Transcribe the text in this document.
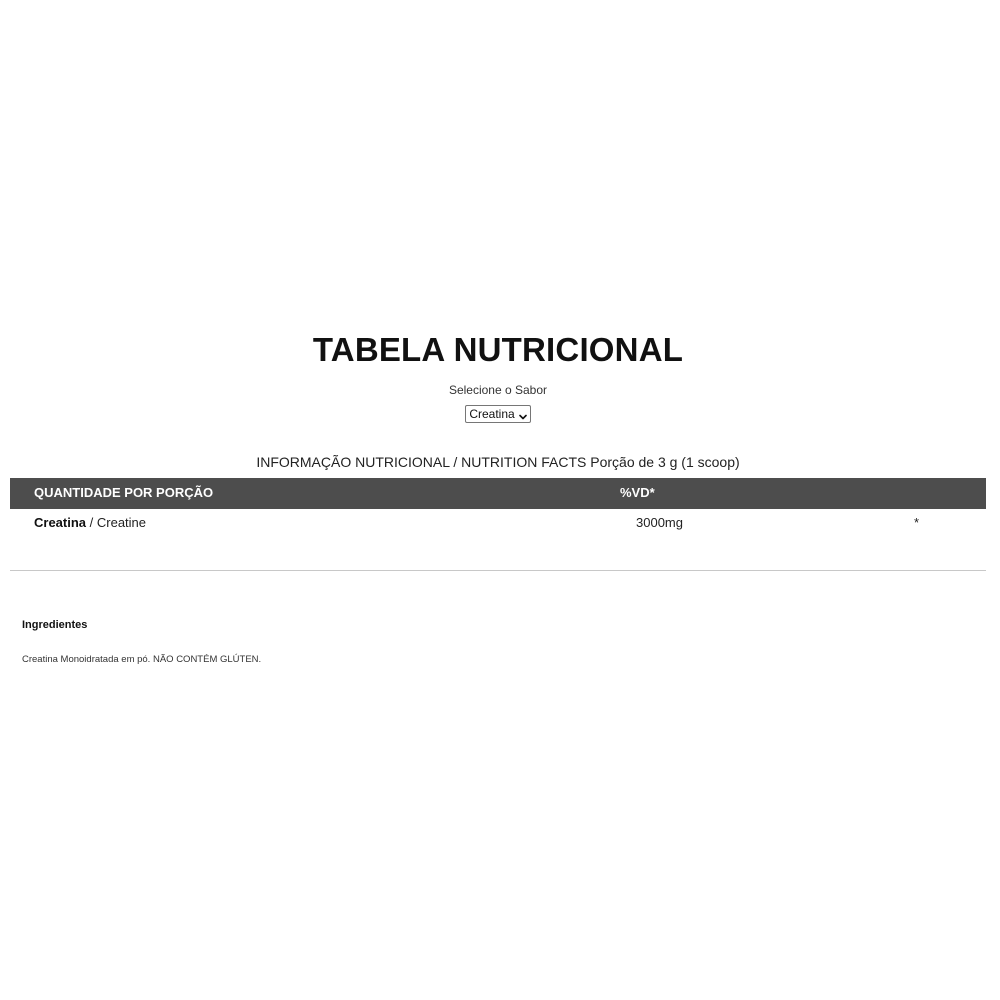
TABELA NUTRICIONAL
Selecione o Sabor
Creatina
INFORMAÇÃO NUTRICIONAL / NUTRITION FACTS Porção de 3 g (1 scoop)
QUANTIDADE POR PORÇÃO	%VD*
Creatina / Creatine	3000mg	*
Ingredientes
Creatina Monoidratada em pó. NÃO CONTÉM GLÚTEN.
